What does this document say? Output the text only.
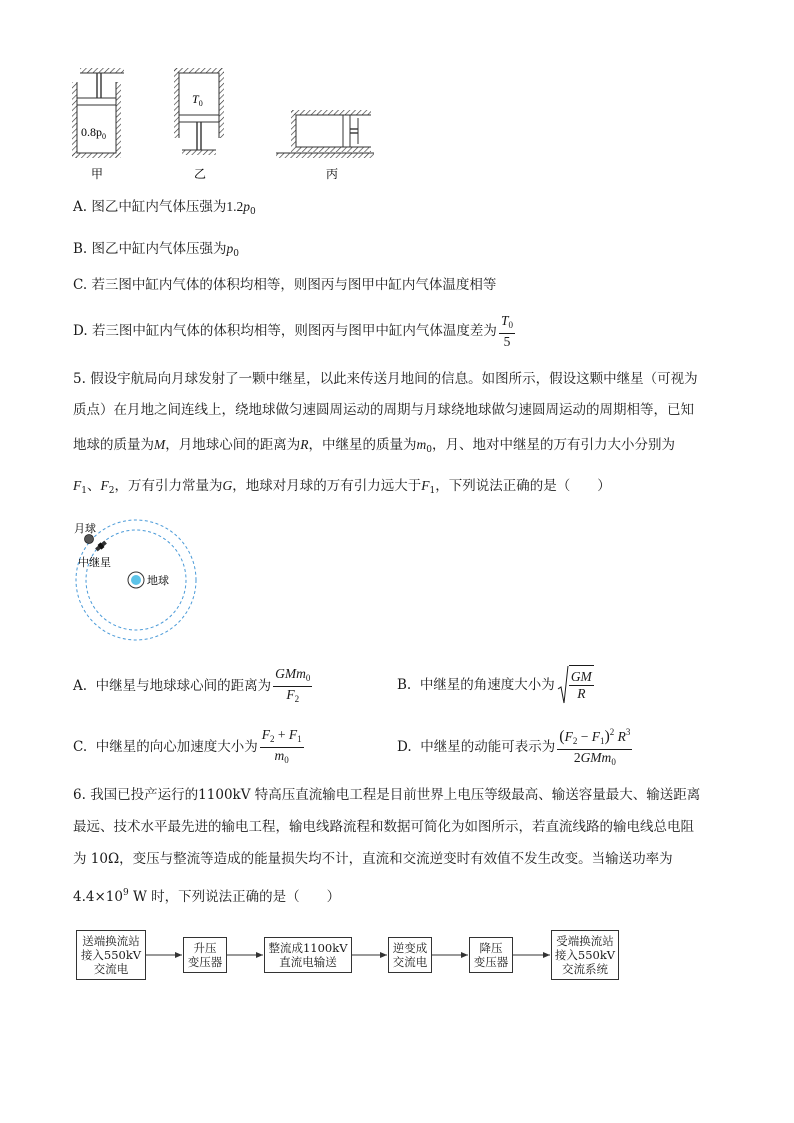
$0.8p_0$
甲
$T_0$
乙	丙
A. 图乙中缸内气体压强为$1.2p_0$
B. 图乙中缸内气体压强为$p_0$
C. 若三图中缸内气体的体积均相等，则图丙与图甲中缸内气体温度相等
D.
若三图中缸内气体的体积均相等，则图丙与图甲中缸内气体温度差为 $\frac{T_0}{5}$
5. 假设宇航局向月球发射了一颗中继星，以此来传送月地间的信息。如图所示，假设这颗中继星（可视为
质点）在月地之间连线上，绕地球做匀速圆周运动的周期与月球绕地球做匀速圆周运动的周期相等，已知
地球的质量为M，月地球心间的距离为R，中继星的质量为$m_0$，月、地对中继星的万有引力大小分别为
$F_1$、$F_2$，万有引力常量为G，地球对月球的万有引力远大于$F_1$，下列说法正确的是（　　）
月球
中继星
地球
A.
中继星与地球球心间的距离为 $\frac{GMm_0}{F_2}$	B.
中继星的角速度大小为 $\frac{GM}{R}$
C.
中继星的向心加速度大小为 $\frac{F_2 + F_1}{m_0}$	D.
中继星的动能可表示为 $\frac{(F_2 - F_1)^2 R^3}{2GMm_0}$
6. 我国已投产运行的1100kV 特高压直流输电工程是目前世界上电压等级最高、输送容量最大、输送距离
最远、技术水平最先进的输电工程，输电线路流程和数据可简化为如图所示，若直流线路的输电线总电阻
为 10Ω，变压与整流等造成的能量损失均不计，直流和交流逆变时有效值不发生改变。当输送功率为
$4.4\times 10^9$ W 时，下列说法正确的是（　　）
送端换流站
接入550kV
交流电
升压
变压器
整流成1100kV
直流电输送
逆变成
交流电
降压
变压器
受端换流站
接入550kV
交流系统
